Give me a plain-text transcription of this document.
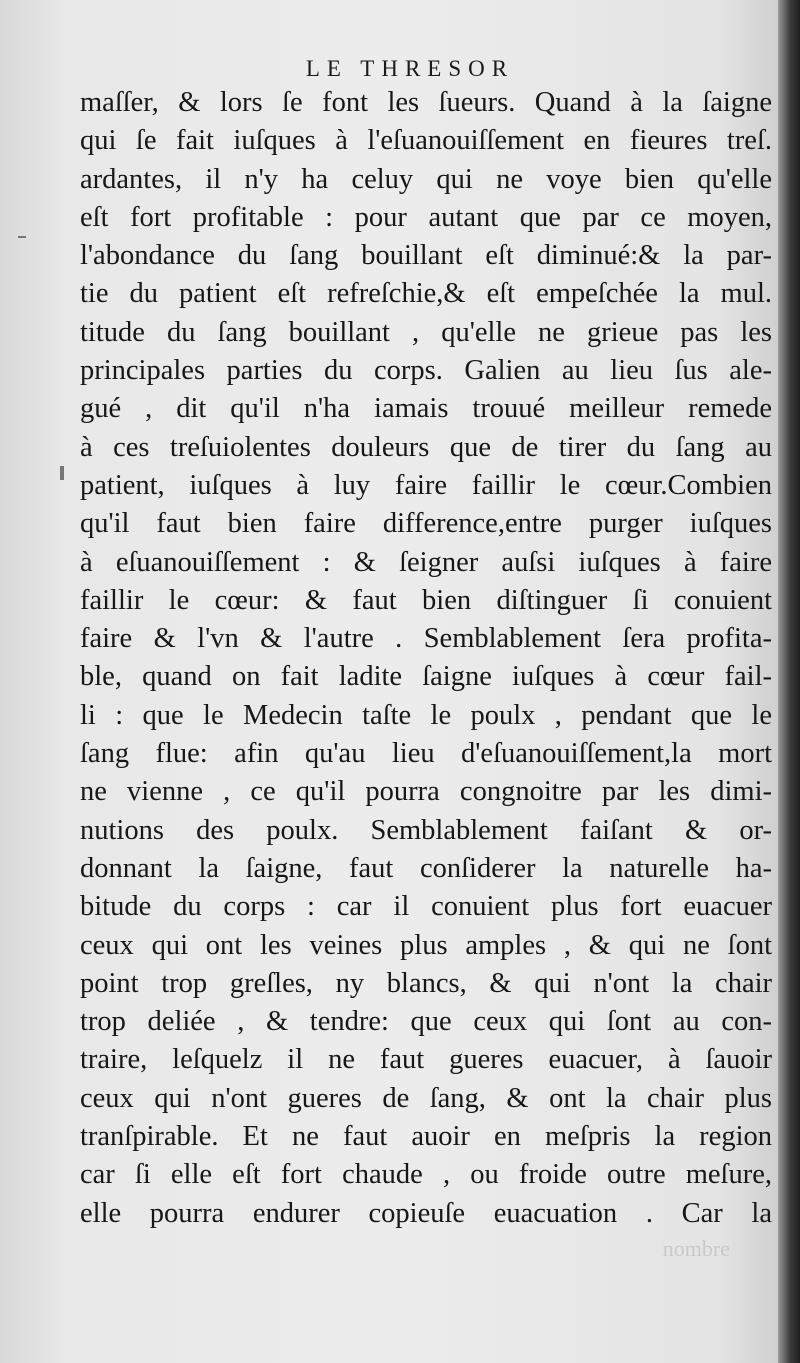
LE THRESOR
maſſer, & lors ſe font les ſueurs. Quand à la ſaigne
qui ſe fait iuſques à l'eſuanouiſſement en fieures treſ.
ardantes, il n'y ha celuy qui ne voye bien qu'elle
eſt fort profitable : pour autant que par ce moyen,
l'abondance du ſang bouillant eſt diminué:& la par-
tie du patient eſt refreſchie,& eſt empeſchée la mul.
titude du ſang bouillant , qu'elle ne grieue pas les
principales parties du corps. Galien au lieu ſus ale-
gué , dit qu'il n'ha iamais trouué meilleur remede
à ces treſuiolentes douleurs que de tirer du ſang au
patient, iuſques à luy faire faillir le cœur.Combien
qu'il faut bien faire difference,entre purger iuſques
à eſuanouiſſement : & ſeigner auſsi iuſques à faire
faillir le cœur: & faut bien diſtinguer ſi conuient
faire & l'vn & l'autre . Semblablement ſera profita-
ble, quand on fait ladite ſaigne iuſques à cœur fail-
li : que le Medecin taſte le poulx , pendant que le
ſang flue: afin qu'au lieu d'eſuanouiſſement,la mort
ne vienne , ce qu'il pourra congnoitre par les dimi-
nutions des poulx. Semblablement faiſant & or-
donnant la ſaigne, faut conſiderer la naturelle ha-
bitude du corps : car il conuient plus fort euacuer
ceux qui ont les veines plus amples , & qui ne ſont
point trop greſles, ny blancs, & qui n'ont la chair
trop deliée , & tendre: que ceux qui ſont au con-
traire, leſquelz il ne faut gueres euacuer, à ſauoir
ceux qui n'ont gueres de ſang, & ont la chair plus
tranſpirable. Et ne faut auoir en meſpris la region
car ſi elle eſt fort chaude , ou froide outre meſure,
elle pourra endurer copieuſe euacuation . Car la
nombre
